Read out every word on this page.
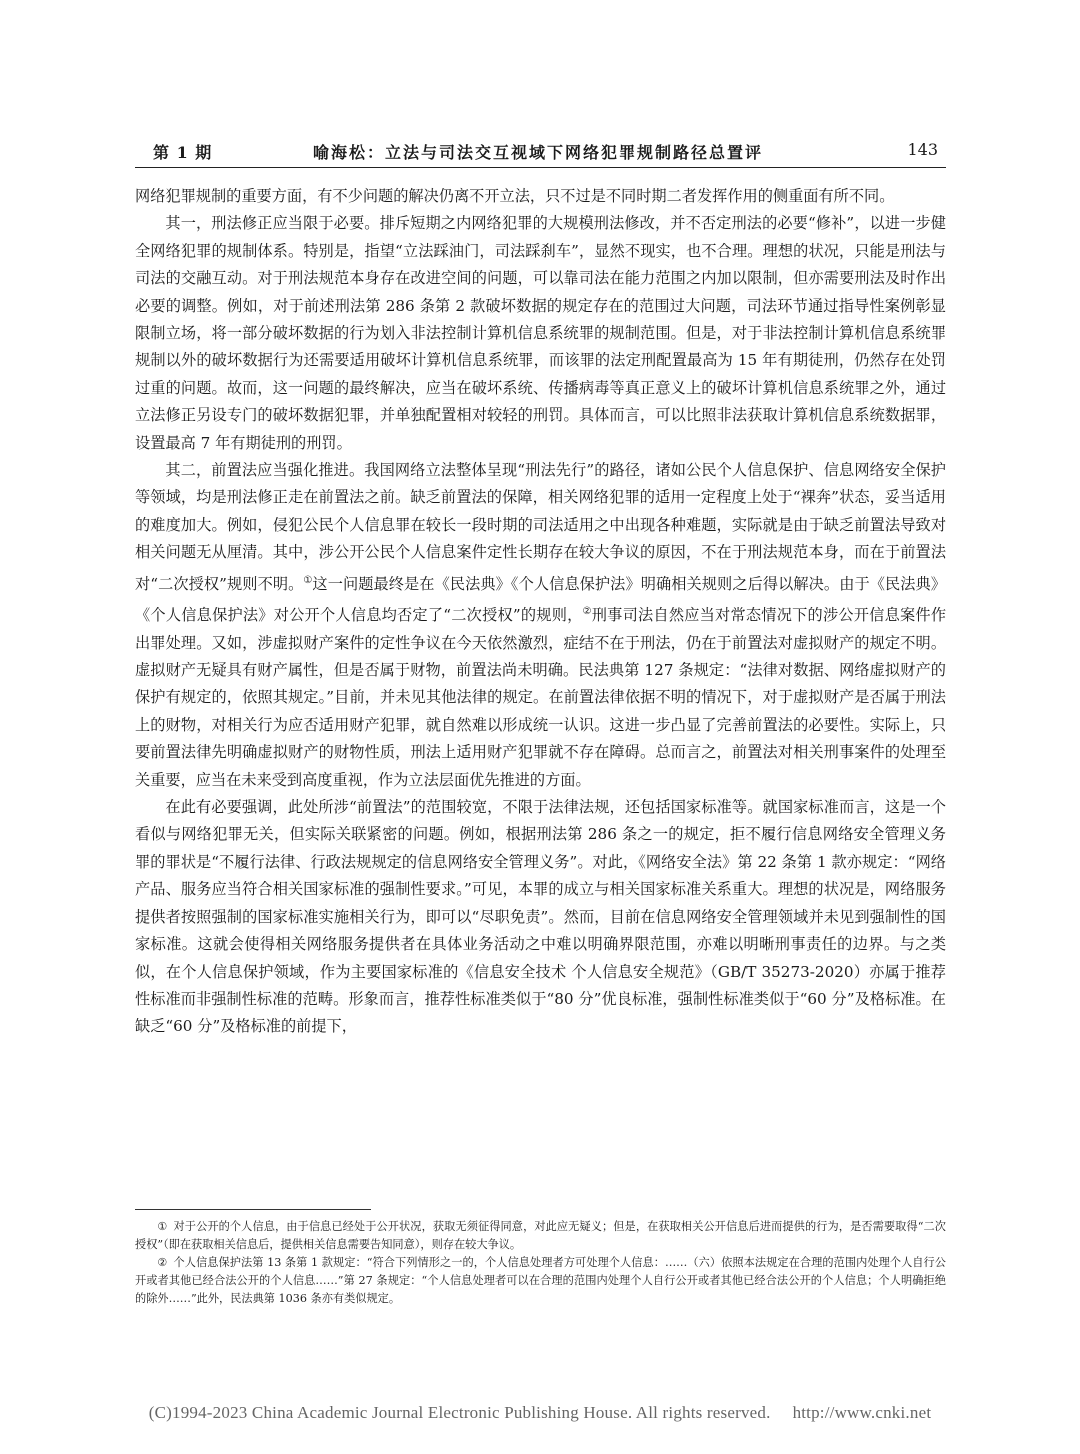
第 1 期	喻海松：立法与司法交互视域下网络犯罪规制路径总置评	143

网络犯罪规制的重要方面，有不少问题的解决仍离不开立法，只不过是不同时期二者发挥作用的侧重面有所不同。

其一，刑法修正应当限于必要。排斥短期之内网络犯罪的大规模刑法修改，并不否定刑法的必要“修补”，以进一步健全网络犯罪的规制体系。特别是，指望“立法踩油门，司法踩刹车”，显然不现实，也不合理。理想的状况，只能是刑法与司法的交融互动。对于刑法规范本身存在改进空间的问题，可以靠司法在能力范围之内加以限制，但亦需要刑法及时作出必要的调整。例如，对于前述刑法第 286 条第 2 款破坏数据的规定存在的范围过大问题，司法环节通过指导性案例彰显限制立场，将一部分破坏数据的行为划入非法控制计算机信息系统罪的规制范围。但是，对于非法控制计算机信息系统罪规制以外的破坏数据行为还需要适用破坏计算机信息系统罪，而该罪的法定刑配置最高为 15 年有期徒刑，仍然存在处罚过重的问题。故而，这一问题的最终解决，应当在破坏系统、传播病毒等真正意义上的破坏计算机信息系统罪之外，通过立法修正另设专门的破坏数据犯罪，并单独配置相对较轻的刑罚。具体而言，可以比照非法获取计算机信息系统数据罪，设置最高 7 年有期徒刑的刑罚。

其二，前置法应当强化推进。我国网络立法整体呈现“刑法先行”的路径，诸如公民个人信息保护、信息网络安全保护等领域，均是刑法修正走在前置法之前。缺乏前置法的保障，相关网络犯罪的适用一定程度上处于“裸奔”状态，妥当适用的难度加大。例如，侵犯公民个人信息罪在较长一段时期的司法适用之中出现各种难题，实际就是由于缺乏前置法导致对相关问题无从厘清。其中，涉公开公民个人信息案件定性长期存在较大争议的原因，不在于刑法规范本身，而在于前置法对“二次授权”规则不明。①这一问题最终是在《民法典》《个人信息保护法》明确相关规则之后得以解决。由于《民法典》《个人信息保护法》对公开个人信息均否定了“二次授权”的规则，②刑事司法自然应当对常态情况下的涉公开信息案件作出罪处理。又如，涉虚拟财产案件的定性争议在今天依然激烈，症结不在于刑法，仍在于前置法对虚拟财产的规定不明。虚拟财产无疑具有财产属性，但是否属于财物，前置法尚未明确。民法典第 127 条规定：“法律对数据、网络虚拟财产的保护有规定的，依照其规定。”目前，并未见其他法律的规定。在前置法律依据不明的情况下，对于虚拟财产是否属于刑法上的财物，对相关行为应否适用财产犯罪，就自然难以形成统一认识。这进一步凸显了完善前置法的必要性。实际上，只要前置法律先明确虚拟财产的财物性质，刑法上适用财产犯罪就不存在障碍。总而言之，前置法对相关刑事案件的处理至关重要，应当在未来受到高度重视，作为立法层面优先推进的方面。

在此有必要强调，此处所涉“前置法”的范围较宽，不限于法律法规，还包括国家标准等。就国家标准而言，这是一个看似与网络犯罪无关，但实际关联紧密的问题。例如，根据刑法第 286 条之一的规定，拒不履行信息网络安全管理义务罪的罪状是“不履行法律、行政法规规定的信息网络安全管理义务”。对此，《网络安全法》第 22 条第 1 款亦规定：“网络产品、服务应当符合相关国家标准的强制性要求。”可见，本罪的成立与相关国家标准关系重大。理想的状况是，网络服务提供者按照强制的国家标准实施相关行为，即可以“尽职免责”。然而，目前在信息网络安全管理领域并未见到强制性的国家标准。这就会使得相关网络服务提供者在具体业务活动之中难以明确界限范围，亦难以明晰刑事责任的边界。与之类似，在个人信息保护领域，作为主要国家标准的《信息安全技术 个人信息安全规范》（GB/T 35273-2020）亦属于推荐性标准而非强制性标准的范畴。形象而言，推荐性标准类似于“80 分”优良标准，强制性标准类似于“60 分”及格标准。在缺乏“60 分”及格标准的前提下，

① 对于公开的个人信息，由于信息已经处于公开状况，获取无须征得同意，对此应无疑义；但是，在获取相关公开信息后进而提供的行为，是否需要取得“二次授权”（即在获取相关信息后，提供相关信息需要告知同意），则存在较大争议。

② 个人信息保护法第 13 条第 1 款规定：“符合下列情形之一的，个人信息处理者方可处理个人信息：……（六）依照本法规定在合理的范围内处理个人自行公开或者其他已经合法公开的个人信息……”第 27 条规定：“个人信息处理者可以在合理的范围内处理个人自行公开或者其他已经合法公开的个人信息；个人明确拒绝的除外……”此外，民法典第 1036 条亦有类似规定。

(C)1994-2023 China Academic Journal Electronic Publishing House. All rights reserved. http://www.cnki.net
